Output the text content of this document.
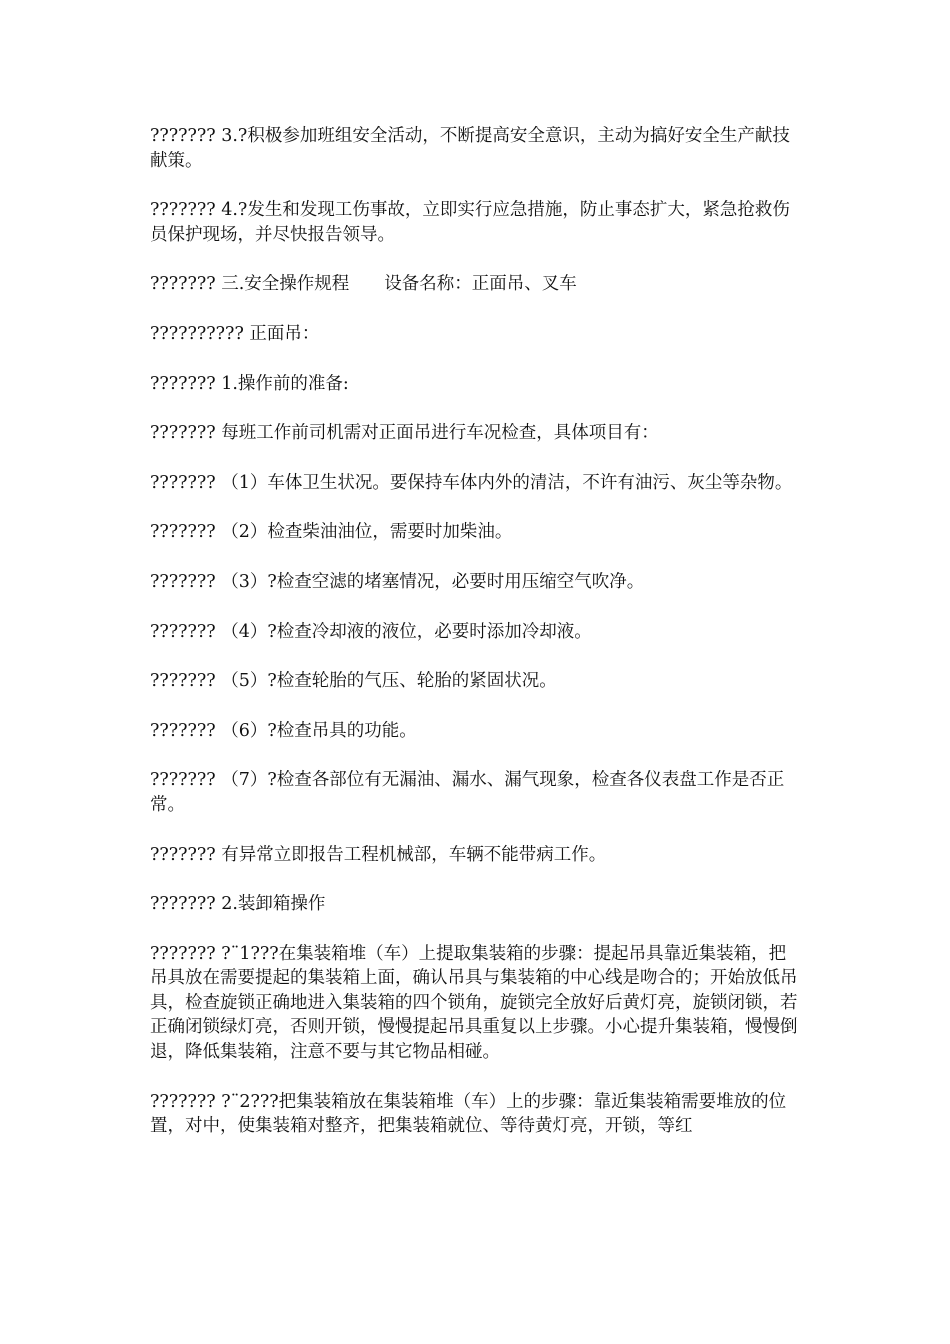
??????? 3.?积极参加班组安全活动，不断提高安全意识，主动为搞好安全生产献技献策。

??????? 4.?发生和发现工伤事故，立即实行应急措施，防止事态扩大，紧急抢救伤员保护现场，并尽快报告领导。

??????? 三.安全操作规程　　设备名称：正面吊、叉车

?????????? 正面吊：

??????? 1.操作前的准备:

??????? 每班工作前司机需对正面吊进行车况检查，具体项目有：

??????? （1）车体卫生状况。要保持车体内外的清洁，不许有油污、灰尘等杂物。

??????? （2）检查柴油油位，需要时加柴油。

??????? （3）?检查空滤的堵塞情况，必要时用压缩空气吹净。

??????? （4）?检查冷却液的液位，必要时添加冷却液。

??????? （5）?检查轮胎的气压、轮胎的紧固状况。

??????? （6）?检查吊具的功能。

??????? （7）?检查各部位有无漏油、漏水、漏气现象，检查各仪表盘工作是否正常。

??????? 有异常立即报告工程机械部，车辆不能带病工作。

??????? 2.装卸箱操作

??????? ?¨1???在集装箱堆（车）上提取集装箱的步骤：提起吊具靠近集装箱，把吊具放在需要提起的集装箱上面，确认吊具与集装箱的中心线是吻合的；开始放低吊具，检查旋锁正确地进入集装箱的四个锁角，旋锁完全放好后黄灯亮，旋锁闭锁，若正确闭锁绿灯亮，否则开锁，慢慢提起吊具重复以上步骤。小心提升集装箱，慢慢倒退，降低集装箱，注意不要与其它物品相碰。

??????? ?¨2???把集装箱放在集装箱堆（车）上的步骤：靠近集装箱需要堆放的位置，对中，使集装箱对整齐，把集装箱就位、等待黄灯亮，开锁，等红
